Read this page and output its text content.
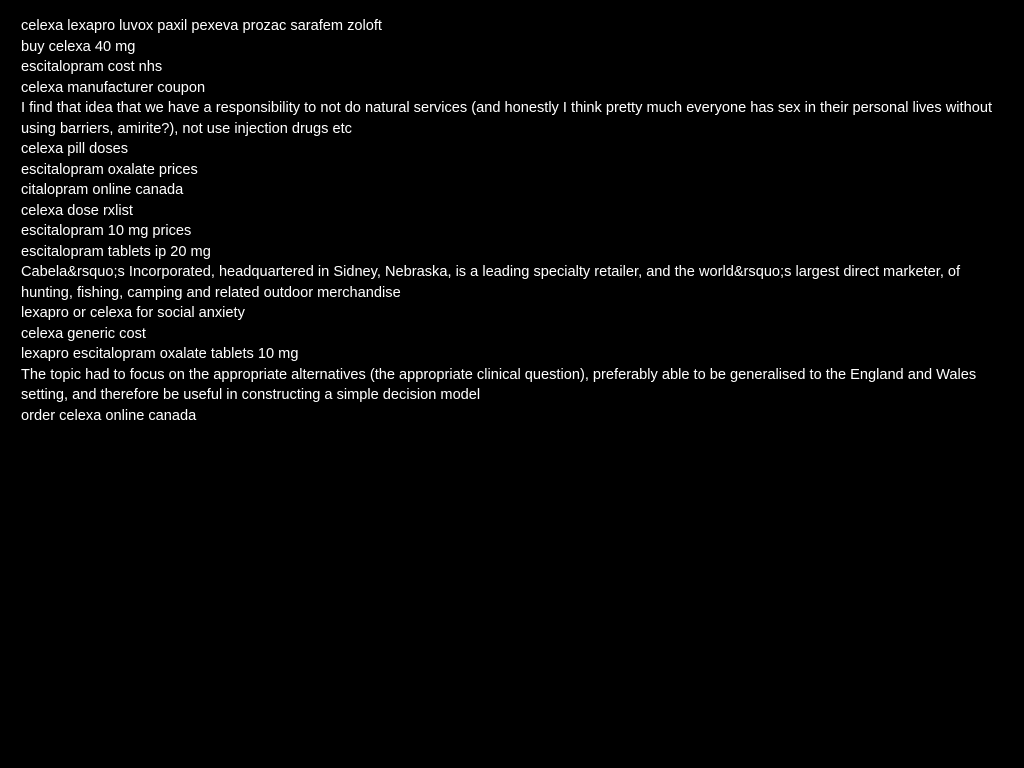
celexa lexapro luvox paxil pexeva prozac sarafem zoloft

buy celexa 40 mg

escitalopram cost nhs

celexa manufacturer coupon

I find that idea that we have a responsibility to not do natural services (and honestly I think pretty much everyone has sex in their personal lives without using barriers, amirite?), not use injection drugs etc

celexa pill doses

escitalopram oxalate prices

citalopram online canada

celexa dose rxlist

escitalopram 10 mg prices

escitalopram tablets ip 20 mg

Cabela&rsquo;s Incorporated, headquartered in Sidney, Nebraska, is a leading specialty retailer, and the world&rsquo;s largest direct marketer, of hunting, fishing, camping and related outdoor merchandise

lexapro or celexa for social anxiety

celexa generic cost

lexapro escitalopram oxalate tablets 10 mg

The topic had to focus on the appropriate alternatives (the appropriate clinical question), preferably able to be generalised to the England and Wales setting, and therefore be useful in constructing a simple decision model

order celexa online canada
